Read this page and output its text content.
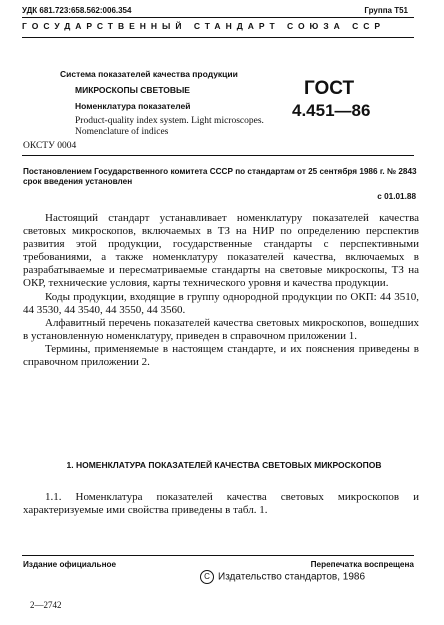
УДК 681.723:658.562:006.354	Группа Т51
ГОСУДАРСТВЕННЫЙ СТАНДАРТ СОЮЗА ССР
Система показателей качества продукции
МИКРОСКОПЫ СВЕТОВЫЕ
Номенклатура показателей
Product-quality index system. Light microscopes. Nomenclature of indices
ГОСТ
4.451—86
ОКСТУ 0004
Постановлением Государственного комитета СССР по стандартам от 25 сентября 1986 г. № 2843 срок введения установлен
с 01.01.88

Настоящий стандарт устанавливает номенклатуру показателей качества световых микроскопов, включаемых в ТЗ на НИР по определению перспектив развития этой продукции, государственные стандарты с перспективными требованиями, а также номенклатуру показателей качества, включаемых в разрабатываемые и пересматриваемые стандарты на световые микроскопы, ТЗ на ОКР, технические условия, карты технического уровня и качества продукции.

Коды продукции, входящие в группу однородной продукции по ОКП: 44 3510, 44 3530, 44 3540, 44 3550, 44 3560.

Алфавитный перечень показателей качества световых микроскопов, вошедших в установленную номенклатуру, приведен в справочном приложении 1.

Термины, применяемые в настоящем стандарте, и их пояснения приведены в справочном приложении 2.

1. НОМЕНКЛАТУРА ПОКАЗАТЕЛЕЙ КАЧЕСТВА СВЕТОВЫХ МИКРОСКОПОВ

1.1. Номенклатура показателей качества световых микроскопов и характеризуемые ими свойства приведены в табл. 1.

Издание официальное	Перепечатка воспрещена
C Издательство стандартов, 1986
2—2742
